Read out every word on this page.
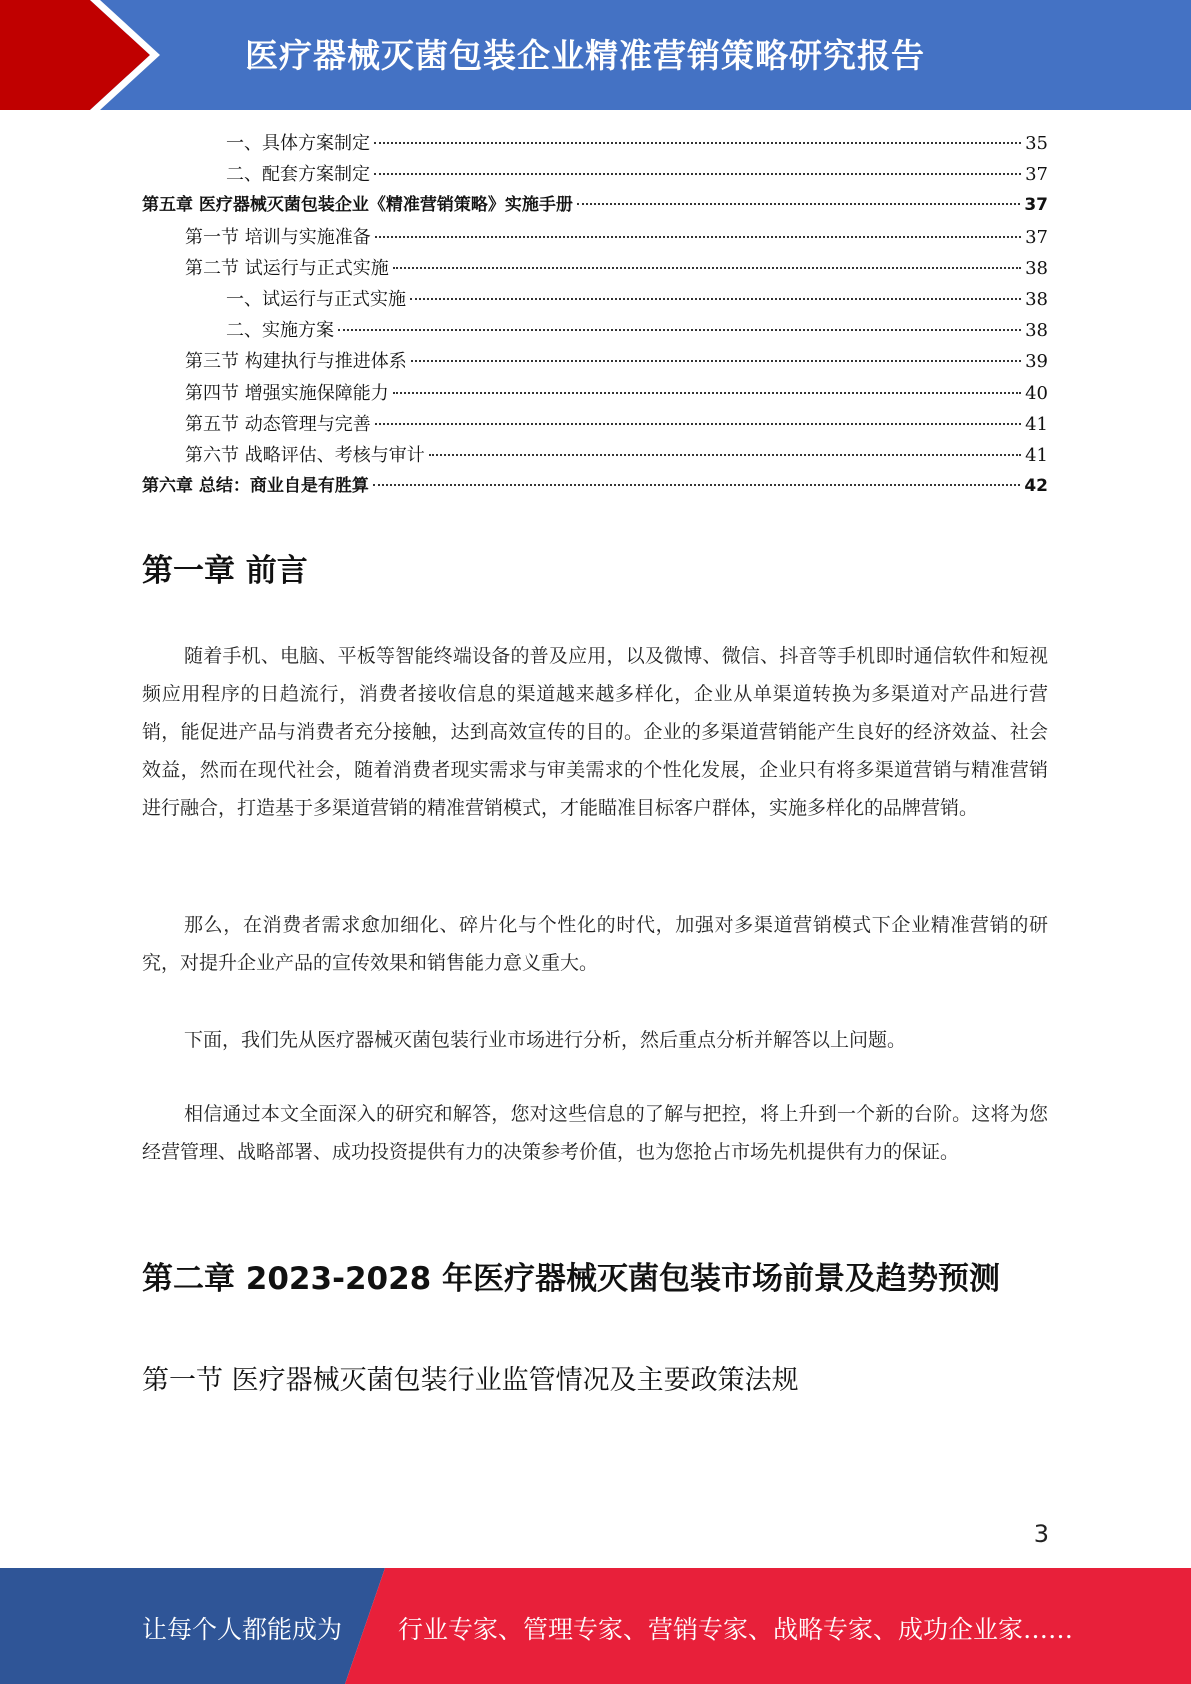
医疗器械灭菌包装企业精准营销策略研究报告
一、具体方案制定	35
二、配套方案制定	37
第五章 医疗器械灭菌包装企业《精准营销策略》实施手册	37
第一节 培训与实施准备	37
第二节 试运行与正式实施	38
一、试运行与正式实施	38
二、实施方案	38
第三节 构建执行与推进体系	39
第四节 增强实施保障能力	40
第五节 动态管理与完善	41
第六节 战略评估、考核与审计	41
第六章 总结：商业自是有胜算	42
第一章 前言
随着手机、电脑、平板等智能终端设备的普及应用，以及微博、微信、抖音等手机即时通信软件和短视频应用程序的日趋流行，消费者接收信息的渠道越来越多样化，企业从单渠道转换为多渠道对产品进行营销，能促进产品与消费者充分接触，达到高效宣传的目的。企业的多渠道营销能产生良好的经济效益、社会效益，然而在现代社会，随着消费者现实需求与审美需求的个性化发展，企业只有将多渠道营销与精准营销进行融合，打造基于多渠道营销的精准营销模式，才能瞄准目标客户群体，实施多样化的品牌营销。
那么，在消费者需求愈加细化、碎片化与个性化的时代，加强对多渠道营销模式下企业精准营销的研究，对提升企业产品的宣传效果和销售能力意义重大。
下面，我们先从医疗器械灭菌包装行业市场进行分析，然后重点分析并解答以上问题。
相信通过本文全面深入的研究和解答，您对这些信息的了解与把控，将上升到一个新的台阶。这将为您经营管理、战略部署、成功投资提供有力的决策参考价值，也为您抢占市场先机提供有力的保证。
第二章 2023-2028 年医疗器械灭菌包装市场前景及趋势预测
第一节 医疗器械灭菌包装行业监管情况及主要政策法规
3
让每个人都能成为 行业专家、管理专家、营销专家、战略专家、成功企业家……
